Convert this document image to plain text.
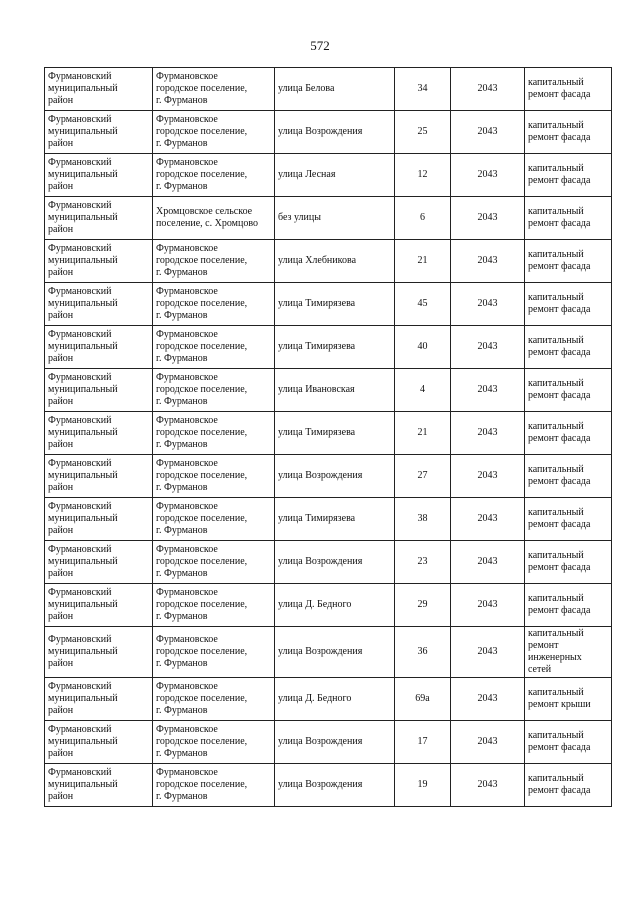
572
Фурмановский
муниципальный
район	Фурмановское
городское поселение,
г. Фурманов	улица Белова	34	2043	капитальный
ремонт фасада

Фурмановский
муниципальный
район	Фурмановское
городское поселение,
г. Фурманов	улица Возрождения	25	2043	капитальный
ремонт фасада

Фурмановский
муниципальный
район	Фурмановское
городское поселение,
г. Фурманов	улица Лесная	12	2043	капитальный
ремонт фасада

Фурмановский
муниципальный
район	Хромцовское сельское
поселение, с. Хромцово	без улицы	6	2043	капитальный
ремонт фасада

Фурмановский
муниципальный
район	Фурмановское
городское поселение,
г. Фурманов	улица Хлебникова	21	2043	капитальный
ремонт фасада

Фурмановский
муниципальный
район	Фурмановское
городское поселение,
г. Фурманов	улица Тимирязева	45	2043	капитальный
ремонт фасада

Фурмановский
муниципальный
район	Фурмановское
городское поселение,
г. Фурманов	улица Тимирязева	40	2043	капитальный
ремонт фасада

Фурмановский
муниципальный
район	Фурмановское
городское поселение,
г. Фурманов	улица Ивановская	4	2043	капитальный
ремонт фасада

Фурмановский
муниципальный
район	Фурмановское
городское поселение,
г. Фурманов	улица Тимирязева	21	2043	капитальный
ремонт фасада

Фурмановский
муниципальный
район	Фурмановское
городское поселение,
г. Фурманов	улица Возрождения	27	2043	капитальный
ремонт фасада

Фурмановский
муниципальный
район	Фурмановское
городское поселение,
г. Фурманов	улица Тимирязева	38	2043	капитальный
ремонт фасада

Фурмановский
муниципальный
район	Фурмановское
городское поселение,
г. Фурманов	улица Возрождения	23	2043	капитальный
ремонт фасада

Фурмановский
муниципальный
район	Фурмановское
городское поселение,
г. Фурманов	улица Д. Бедного	29	2043	капитальный
ремонт фасада

Фурмановский
муниципальный
район	Фурмановское
городское поселение,
г. Фурманов	улица Возрождения	36	2043	капитальный
ремонт
инженерных
сетей

Фурмановский
муниципальный
район	Фурмановское
городское поселение,
г. Фурманов	улица Д. Бедного	69а	2043	капитальный
ремонт крыши

Фурмановский
муниципальный
район	Фурмановское
городское поселение,
г. Фурманов	улица Возрождения	17	2043	капитальный
ремонт фасада

Фурмановский
муниципальный
район	Фурмановское
городское поселение,
г. Фурманов	улица Возрождения	19	2043	капитальный
ремонт фасада
